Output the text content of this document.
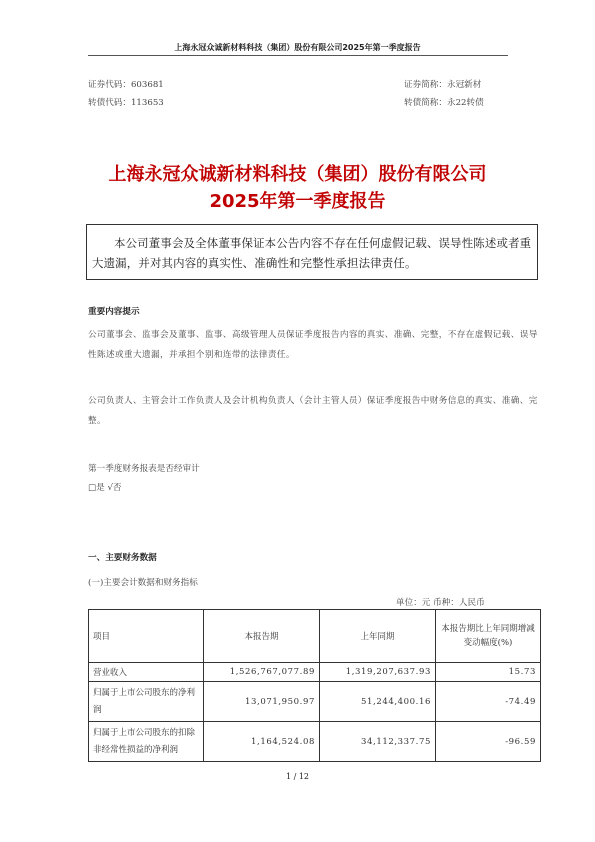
上海永冠众诚新材料科技（集团）股份有限公司2025年第一季度报告
证券代码：603681
转债代码：113653
证券简称：永冠新材
转债简称：永22转债
上海永冠众诚新材料科技（集团）股份有限公司
2025年第一季度报告
本公司董事会及全体董事保证本公告内容不存在任何虚假记载、误导性陈述或者重大遗漏，并对其内容的真实性、准确性和完整性承担法律责任。
重要内容提示
公司董事会、监事会及董事、监事、高级管理人员保证季度报告内容的真实、准确、完整，不存在虚假记载、误导性陈述或重大遗漏，并承担个别和连带的法律责任。
公司负责人、主管会计工作负责人及会计机构负责人（会计主管人员）保证季度报告中财务信息的真实、准确、完整。
第一季度财务报表是否经审计
□是 √否
一、主要财务数据
(一)主要会计数据和财务指标
单位：元 币种：人民币
项目	本报告期	上年同期	本报告期比上年同期增减变动幅度(%)
营业收入	1,526,767,077.89	1,319,207,637.93	15.73
归属于上市公司股东的净利润	13,071,950.97	51,244,400.16	-74.49
归属于上市公司股东的扣除非经常性损益的净利润	1,164,524.08	34,112,337.75	-96.59
1 / 12
